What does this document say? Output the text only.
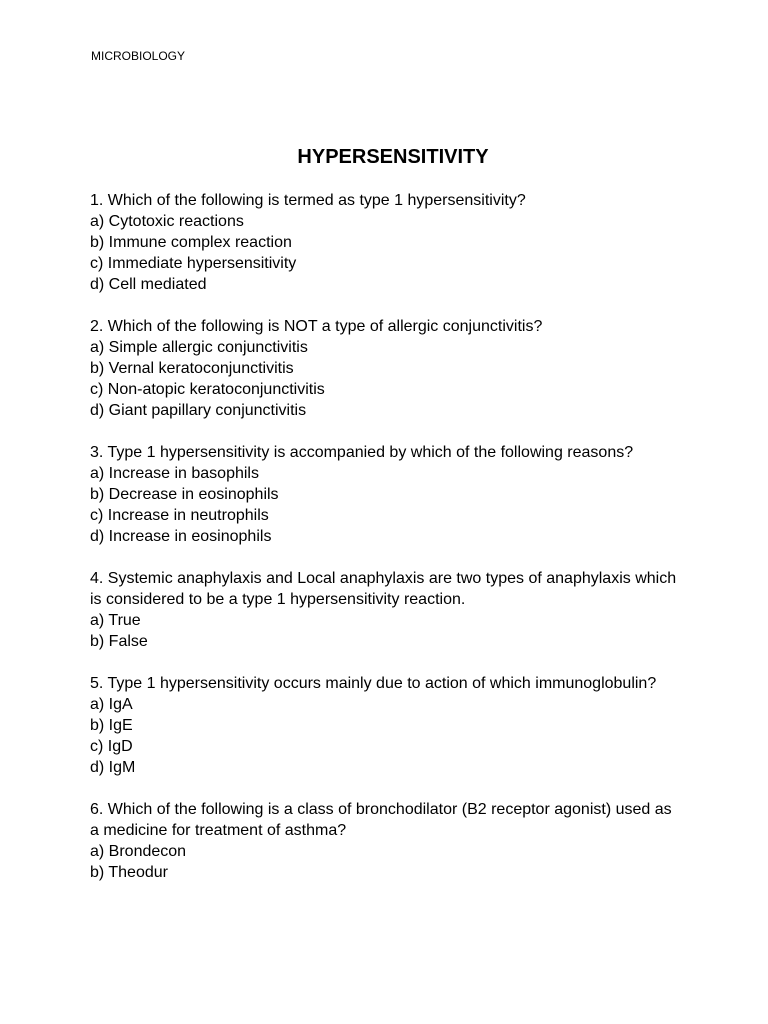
MICROBIOLOGY
HYPERSENSITIVITY

1. Which of the following is termed as type 1 hypersensitivity?

a) Cytotoxic reactions
b) Immune complex reaction
c) Immediate hypersensitivity
d) Cell mediated

2. Which of the following is NOT a type of allergic conjunctivitis?

a) Simple allergic conjunctivitis
b) Vernal keratoconjunctivitis
c) Non-atopic keratoconjunctivitis
d) Giant papillary conjunctivitis

3. Type 1 hypersensitivity is accompanied by which of the following reasons?

a) Increase in basophils
b) Decrease in eosinophils
c) Increase in neutrophils
d) Increase in eosinophils

4. Systemic anaphylaxis and Local anaphylaxis are two types of anaphylaxis which is considered to be a type 1 hypersensitivity reaction.

a) True
b) False

5. Type 1 hypersensitivity occurs mainly due to action of which immunoglobulin?

a) IgA
b) IgE
c) IgD
d) IgM

6. Which of the following is a class of bronchodilator (B2 receptor agonist) used as a medicine for treatment of asthma?

a) Brondecon
b) Theodur
